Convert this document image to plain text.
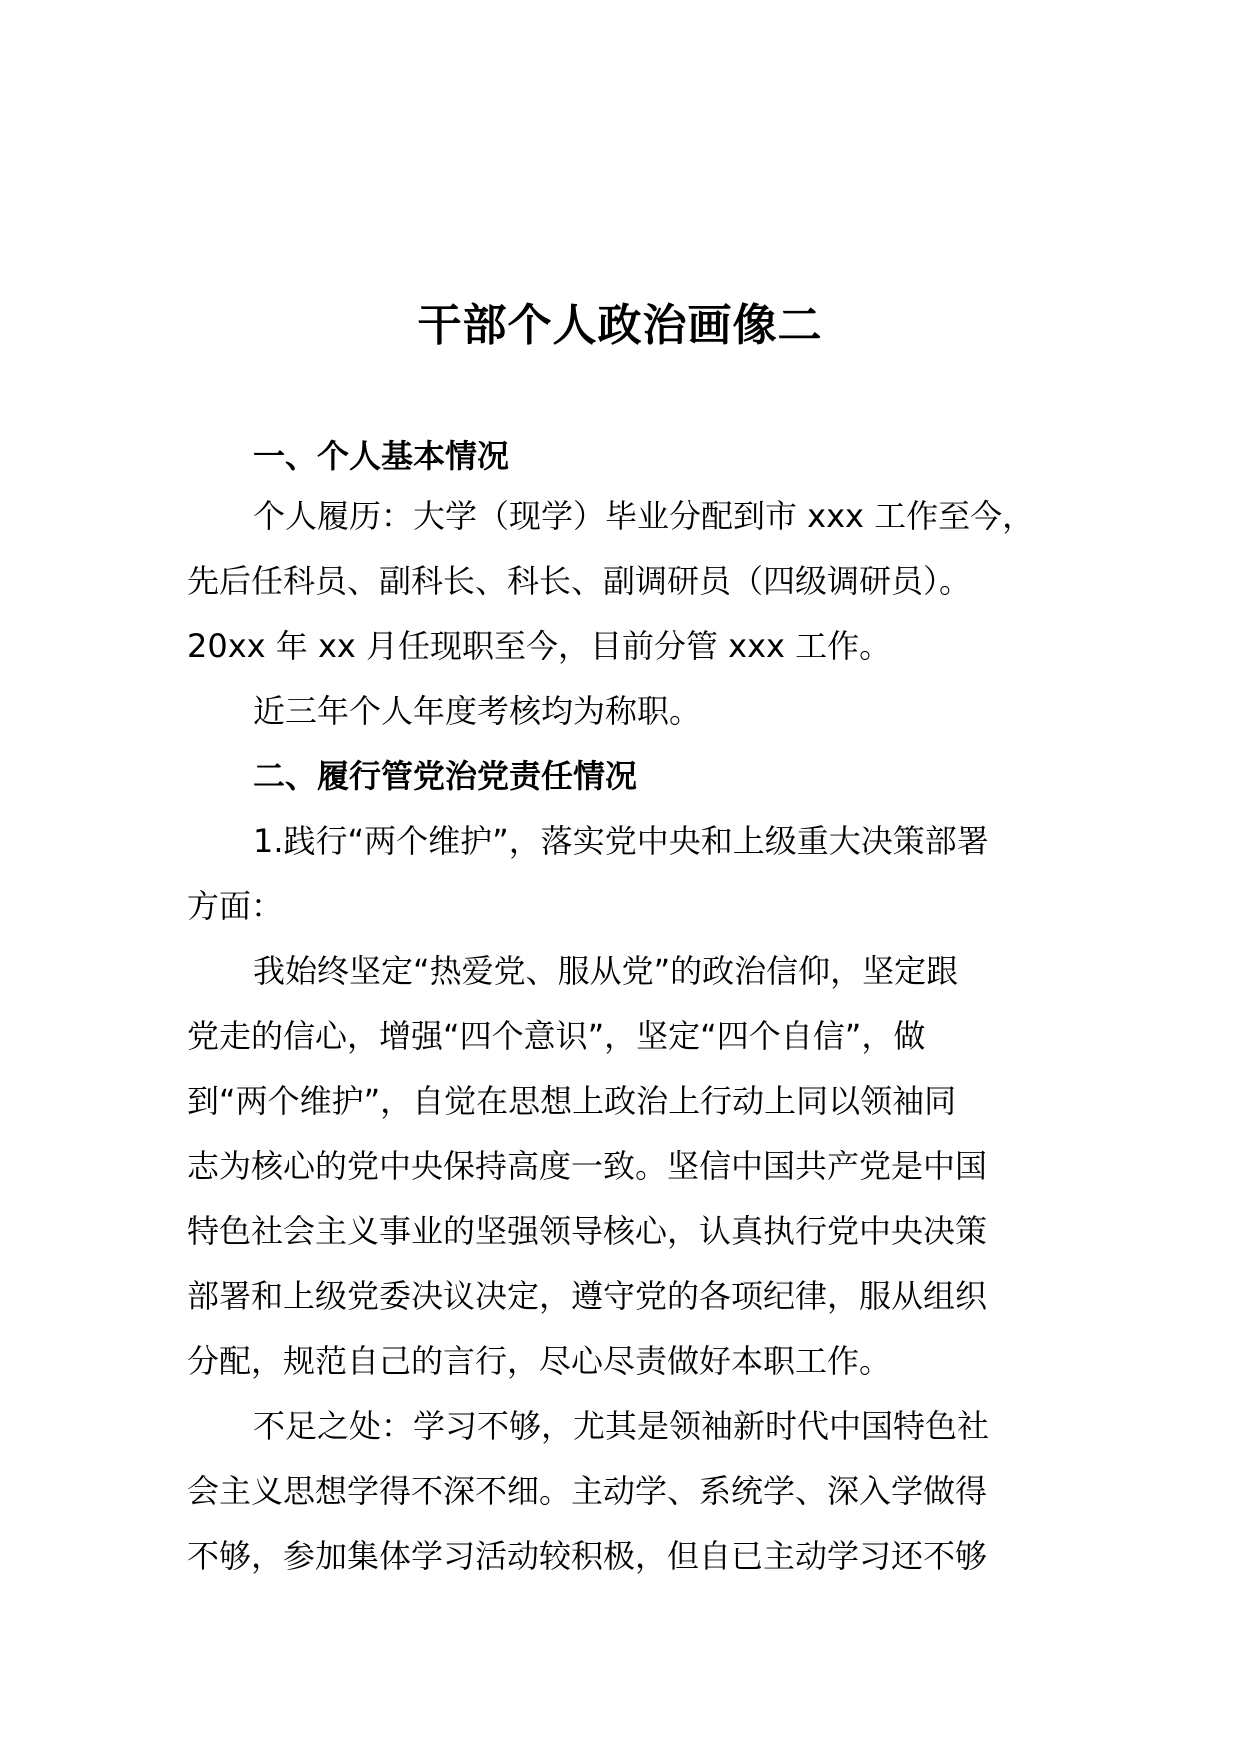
干部个人政治画像二
一、个人基本情况
个人履历：大学（现学）毕业分配到市 xxx 工作至今，
先后任科员、副科长、科长、副调研员（四级调研员）。
20xx 年 xx 月任现职至今，目前分管 xxx 工作。
近三年个人年度考核均为称职。
二、履行管党治党责任情况
1.践行“两个维护”，落实党中央和上级重大决策部署
方面：
我始终坚定“热爱党、服从党”的政治信仰，坚定跟
党走的信心，增强“四个意识”，坚定“四个自信”，做
到“两个维护”，自觉在思想上政治上行动上同以领袖同
志为核心的党中央保持高度一致。坚信中国共产党是中国
特色社会主义事业的坚强领导核心，认真执行党中央决策
部署和上级党委决议决定，遵守党的各项纪律，服从组织
分配，规范自己的言行，尽心尽责做好本职工作。
不足之处：学习不够，尤其是领袖新时代中国特色社
会主义思想学得不深不细。主动学、系统学、深入学做得
不够，参加集体学习活动较积极，但自已主动学习还不够
